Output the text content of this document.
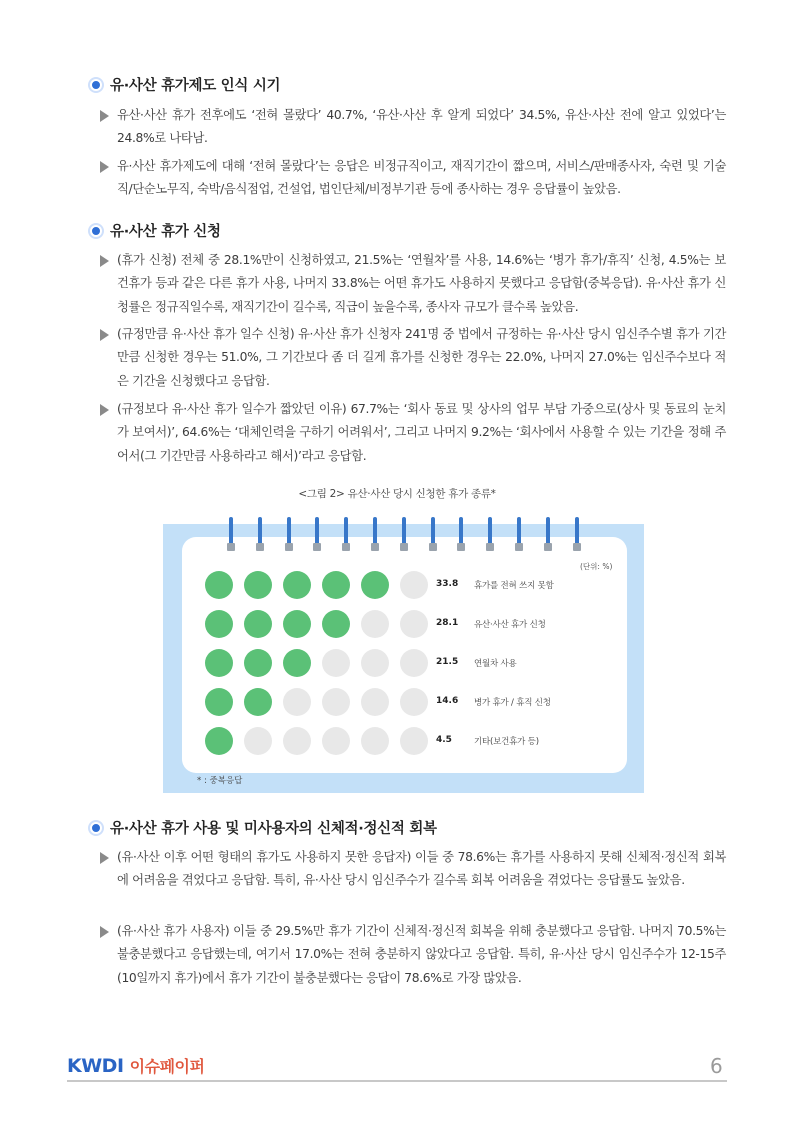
유·사산 휴가제도 인식 시기
유산·사산 휴가 전후에도 ‘전혀 몰랐다’ 40.7%, ‘유산·사산 후 알게 되었다’ 34.5%, 유산·사산 전에 알고 있었다’는 24.8%로 나타남.
유·사산 휴가제도에 대해 ‘전혀 몰랐다’는 응답은 비정규직이고, 재직기간이 짧으며, 서비스/판매종사자, 숙련 및 기술직/단순노무직, 숙박/음식점업, 건설업, 법인단체/비정부기관 등에 종사하는 경우 응답률이 높았음.
유·사산 휴가 신청
(휴가 신청) 전체 중 28.1%만이 신청하였고, 21.5%는 ‘연월차’를 사용, 14.6%는 ‘병가 휴가/휴직’ 신청, 4.5%는 보건휴가 등과 같은 다른 휴가 사용, 나머지 33.8%는 어떤 휴가도 사용하지 못했다고 응답함(중복응답). 유·사산 휴가 신청률은 정규직일수록, 재직기간이 길수록, 직급이 높을수록, 종사자 규모가 클수록 높았음.
(규정만큼 유·사산 휴가 일수 신청) 유·사산 휴가 신청자 241명 중 법에서 규정하는 유·사산 당시 임신주수별 휴가 기간만큼 신청한 경우는 51.0%, 그 기간보다 좀 더 길게 휴가를 신청한 경우는 22.0%, 나머지 27.0%는 임신주수보다 적은 기간을 신청했다고 응답함.
(규정보다 유·사산 휴가 일수가 짧았던 이유) 67.7%는 ‘회사 동료 및 상사의 업무 부담 가중으로(상사 및 동료의 눈치가 보여서)’, 64.6%는 ‘대체인력을 구하기 어려워서’, 그리고 나머지 9.2%는 ‘회사에서 사용할 수 있는 기간을 정해 주어서(그 기간만큼 사용하라고 해서)’라고 응답함.
<그림 2> 유산·사산 당시 신청한 휴가 종류*
(단위: %)
33.8 휴가를 전혀 쓰지 못함
28.1 유산·사산 휴가 신청
21.5 연월차 사용
14.6 병가 휴가 / 휴직 신청
4.5	기타(보건휴가 등)
* : 중복응답
유·사산 휴가 사용 및 미사용자의 신체적·정신적 회복
(유·사산 이후 어떤 형태의 휴가도 사용하지 못한 응답자) 이들 중 78.6%는 휴가를 사용하지 못해 신체적·정신적 회복에 어려움을 겪었다고 응답함. 특히, 유·사산 당시 임신주수가 길수록 회복 어려움을 겪었다는 응답률도 높았음.
(유·사산 휴가 사용자) 이들 중 29.5%만 휴가 기간이 신체적·정신적 회복을 위해 충분했다고 응답함. 나머지 70.5%는 불충분했다고 응답했는데, 여기서 17.0%는 전혀 충분하지 않았다고 응답함. 특히, 유·사산 당시 임신주수가 12-15주(10일까지 휴가)에서 휴가 기간이 불충분했다는 응답이 78.6%로 가장 많았음.
KWDI 이슈페이퍼	6
